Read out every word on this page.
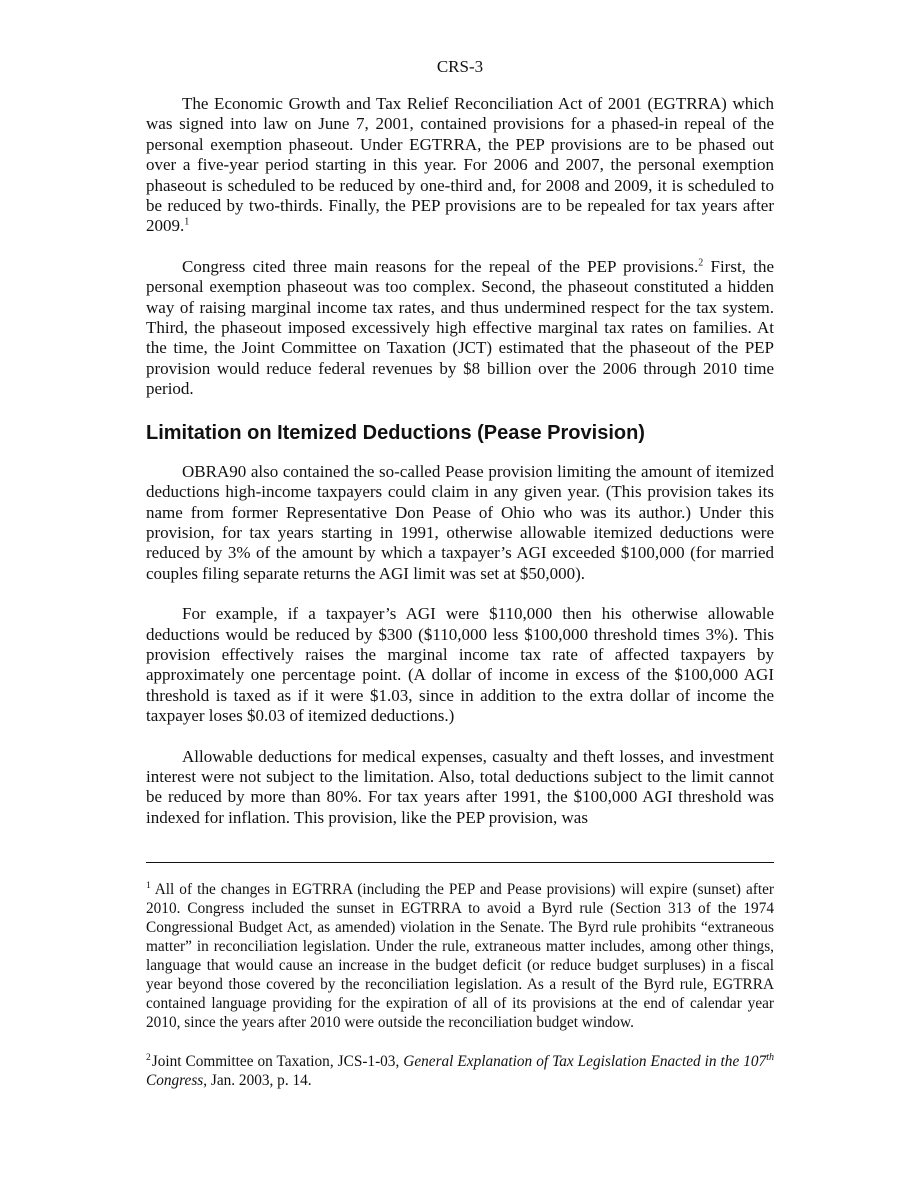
CRS-3

The Economic Growth and Tax Relief Reconciliation Act of 2001 (EGTRRA) which was signed into law on June 7, 2001, contained provisions for a phased-in repeal of the personal exemption phaseout. Under EGTRRA, the PEP provisions are to be phased out over a five-year period starting in this year. For 2006 and 2007, the personal exemption phaseout is scheduled to be reduced by one-third and, for 2008 and 2009, it is scheduled to be reduced by two-thirds. Finally, the PEP provisions are to be repealed for tax years after 2009.$^1$

Congress cited three main reasons for the repeal of the PEP provisions.$^2$ First, the personal exemption phaseout was too complex. Second, the phaseout constituted a hidden way of raising marginal income tax rates, and thus undermined respect for the tax system. Third, the phaseout imposed excessively high effective marginal tax rates on families. At the time, the Joint Committee on Taxation (JCT) estimated that the phaseout of the PEP provision would reduce federal revenues by $8 billion over the 2006 through 2010 time period.

Limitation on Itemized Deductions (Pease Provision)

OBRA90 also contained the so-called Pease provision limiting the amount of itemized deductions high-income taxpayers could claim in any given year. (This provision takes its name from former Representative Don Pease of Ohio who was its author.) Under this provision, for tax years starting in 1991, otherwise allowable itemized deductions were reduced by 3% of the amount by which a taxpayer’s AGI exceeded $100,000 (for married couples filing separate returns the AGI limit was set at $50,000).

For example, if a taxpayer’s AGI were $110,000 then his otherwise allowable deductions would be reduced by $300 ($110,000 less $100,000 threshold times 3%). This provision effectively raises the marginal income tax rate of affected taxpayers by approximately one percentage point. (A dollar of income in excess of the $100,000 AGI threshold is taxed as if it were $1.03, since in addition to the extra dollar of income the taxpayer loses $0.03 of itemized deductions.)

Allowable deductions for medical expenses, casualty and theft losses, and investment interest were not subject to the limitation. Also, total deductions subject to the limit cannot be reduced by more than 80%. For tax years after 1991, the $100,000 AGI threshold was indexed for inflation. This provision, like the PEP provision, was

$^1$ All of the changes in EGTRRA (including the PEP and Pease provisions) will expire (sunset) after 2010. Congress included the sunset in EGTRRA to avoid a Byrd rule (Section 313 of the 1974 Congressional Budget Act, as amended) violation in the Senate. The Byrd rule prohibits “extraneous matter” in reconciliation legislation. Under the rule, extraneous matter includes, among other things, language that would cause an increase in the budget deficit (or reduce budget surpluses) in a fiscal year beyond those covered by the reconciliation legislation. As a result of the Byrd rule, EGTRRA contained language providing for the expiration of all of its provisions at the end of calendar year 2010, since the years after 2010 were outside the reconciliation budget window.

$^2$Joint Committee on Taxation, JCS-1-03, General Explanation of Tax Legislation Enacted in the 107th Congress, Jan. 2003, p. 14.
